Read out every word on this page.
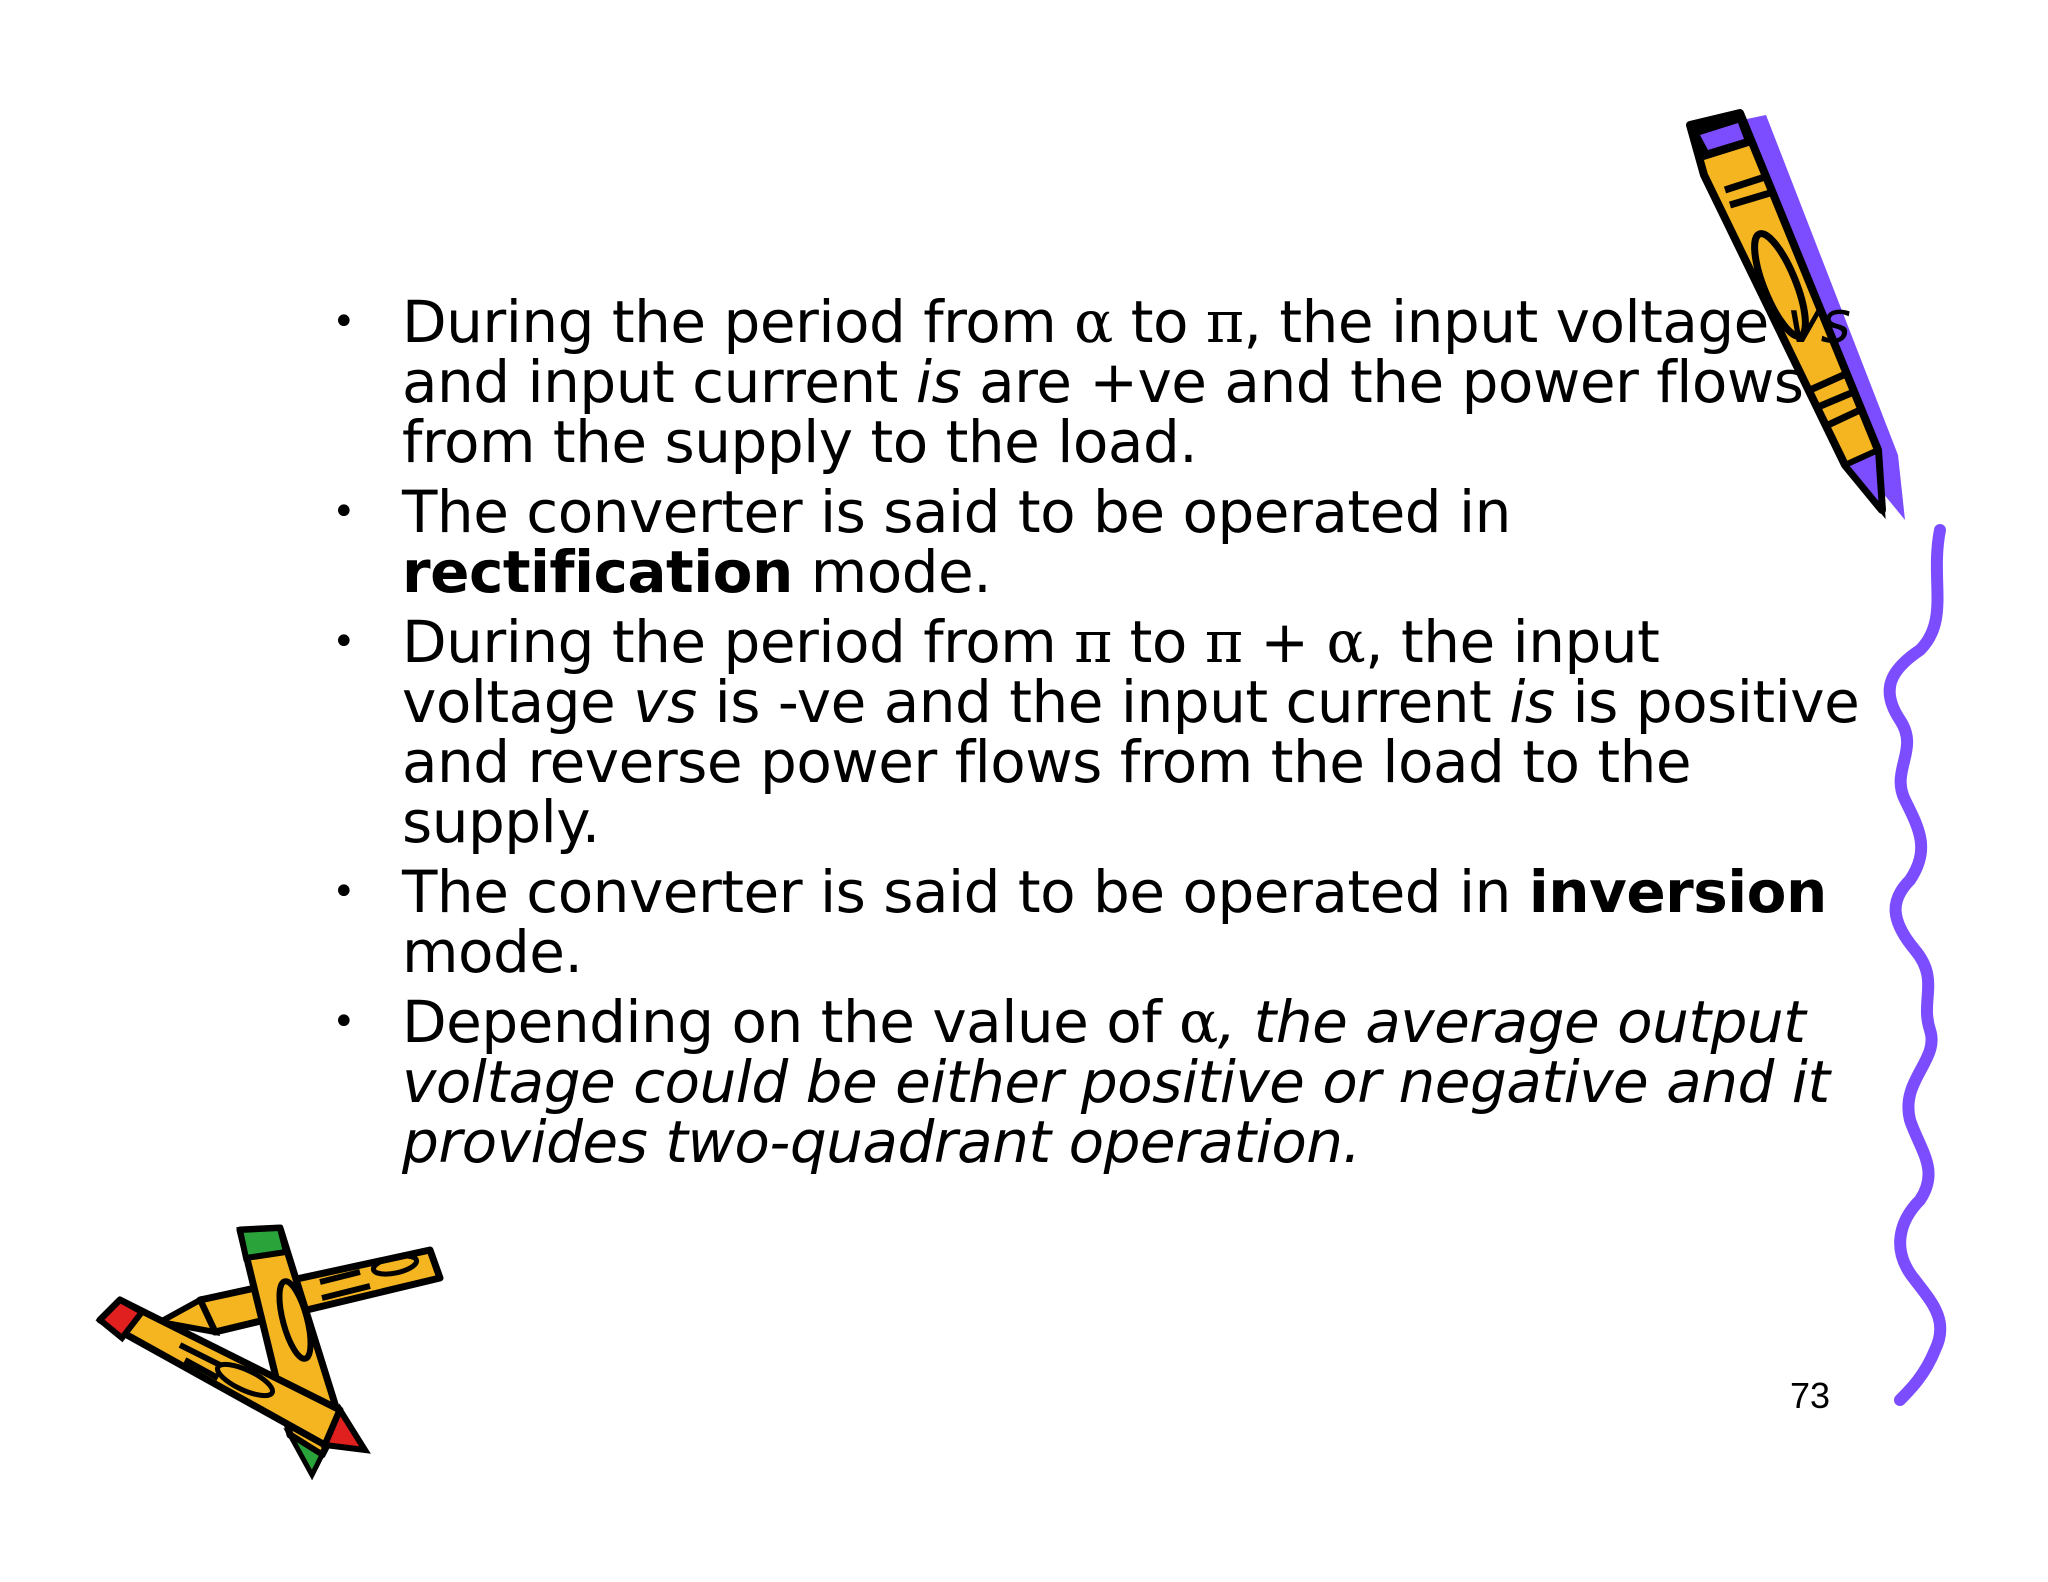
• During the period from α to π, the input voltage vs and input current is are +ve and the power flows from the supply to the load.
• The converter is said to be operated in rectification mode.
• During the period from π to π + α, the input voltage vs is -ve and the input current is is positive and reverse power flows from the load to the supply.
• The converter is said to be operated in inversion mode.
• Depending on the value of α, the average output voltage could be either positive or negative and it provides two-quadrant operation.
73
